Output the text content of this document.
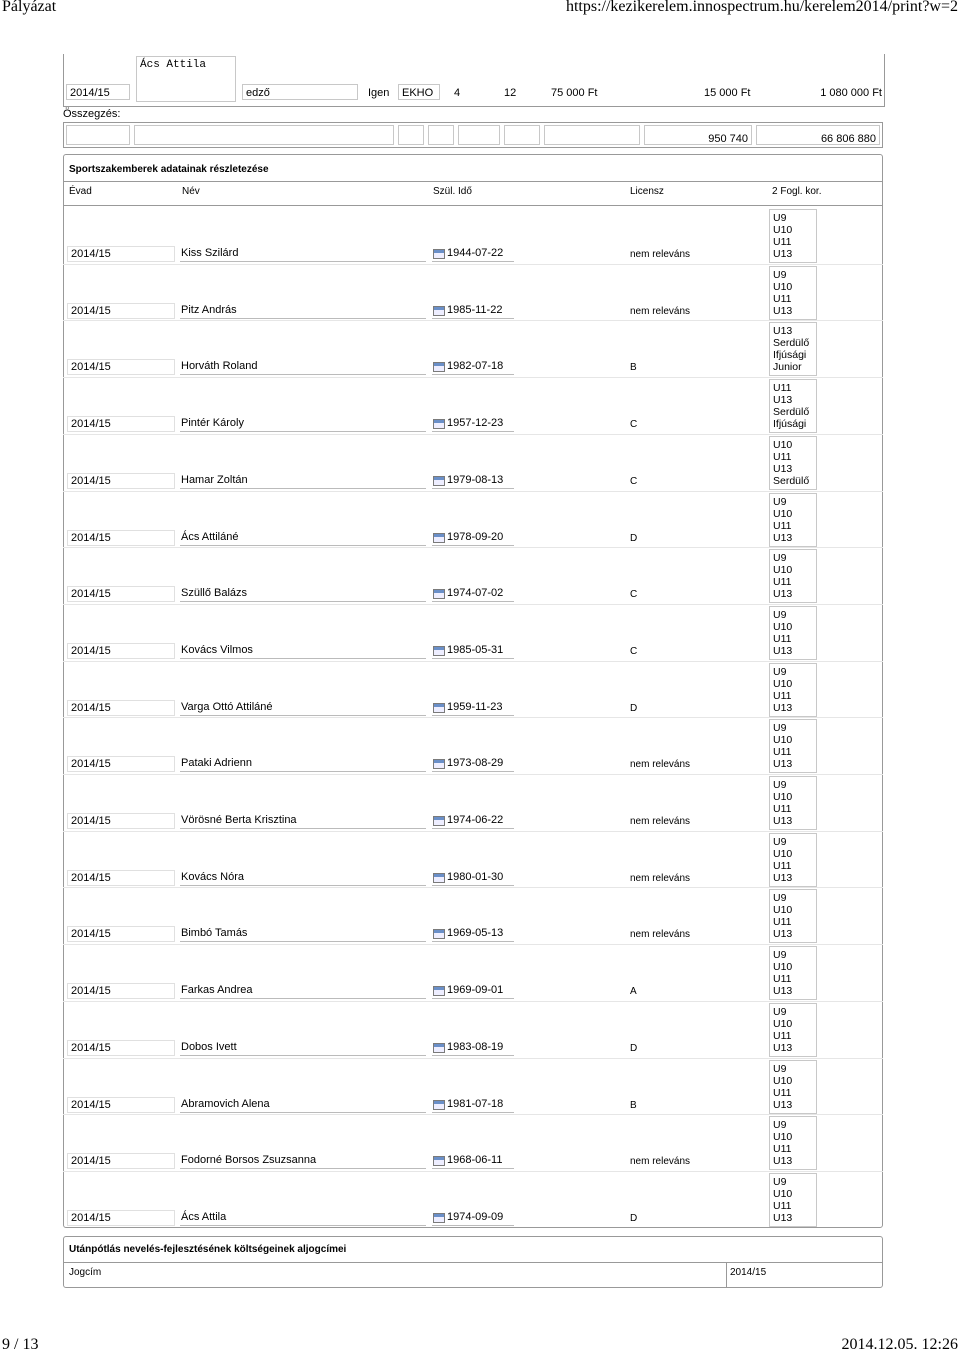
Pályázat	https://kezikerelem.innospectrum.hu/kerelem2014/print?w=2
Ács Attila
2014/15	edző	Igen	EKHO	4	12	75 000 Ft	15 000 Ft	1 080 000 Ft
Összegzés:
950 740	66 806 880
Sportszakemberek adatainak részletezése
Évad	Név	Szül. Idő	Licensz	2 Fogl. kor.
2014/15	Kiss Szilárd	1944-07-22	nem releváns
U9
U10
U11
U13
2014/15	Pitz András	1985-11-22	nem releváns
U9
U10
U11
U13
2014/15	Horváth Roland	1982-07-18	B
U13
Serdülő
Ifjúsági
Junior
2014/15	Pintér Károly	1957-12-23	C
U11
U13
Serdülő
Ifjúsági
2014/15	Hamar Zoltán	1979-08-13	C
U10
U11
U13
Serdülő
2014/15	Ács Attiláné	1978-09-20	D
U9
U10
U11
U13
2014/15	Szüllő Balázs	1974-07-02	C
U9
U10
U11
U13
2014/15	Kovács Vilmos	1985-05-31	C
U9
U10
U11
U13
2014/15	Varga Ottó Attiláné	1959-11-23	D
U9
U10
U11
U13
2014/15	Pataki Adrienn	1973-08-29	nem releváns
U9
U10
U11
U13
2014/15	Vörösné Berta Krisztina	1974-06-22	nem releváns
U9
U10
U11
U13
2014/15	Kovács Nóra	1980-01-30	nem releváns
U9
U10
U11
U13
2014/15	Bimbó Tamás	1969-05-13	nem releváns
U9
U10
U11
U13
2014/15	Farkas Andrea	1969-09-01	A
U9
U10
U11
U13
2014/15	Dobos Ivett	1983-08-19	D
U9
U10
U11
U13
2014/15	Abramovich Alena	1981-07-18	B
U9
U10
U11
U13
2014/15	Fodorné Borsos Zsuzsanna	1968-06-11	nem releváns
U9
U10
U11
U13
2014/15	Ács Attila	1974-09-09	D
U9
U10
U11
U13
Utánpótlás nevelés-fejlesztésének költségeinek aljogcímei
Jogcím	2014/15
9 / 13	2014.12.05. 12:26
